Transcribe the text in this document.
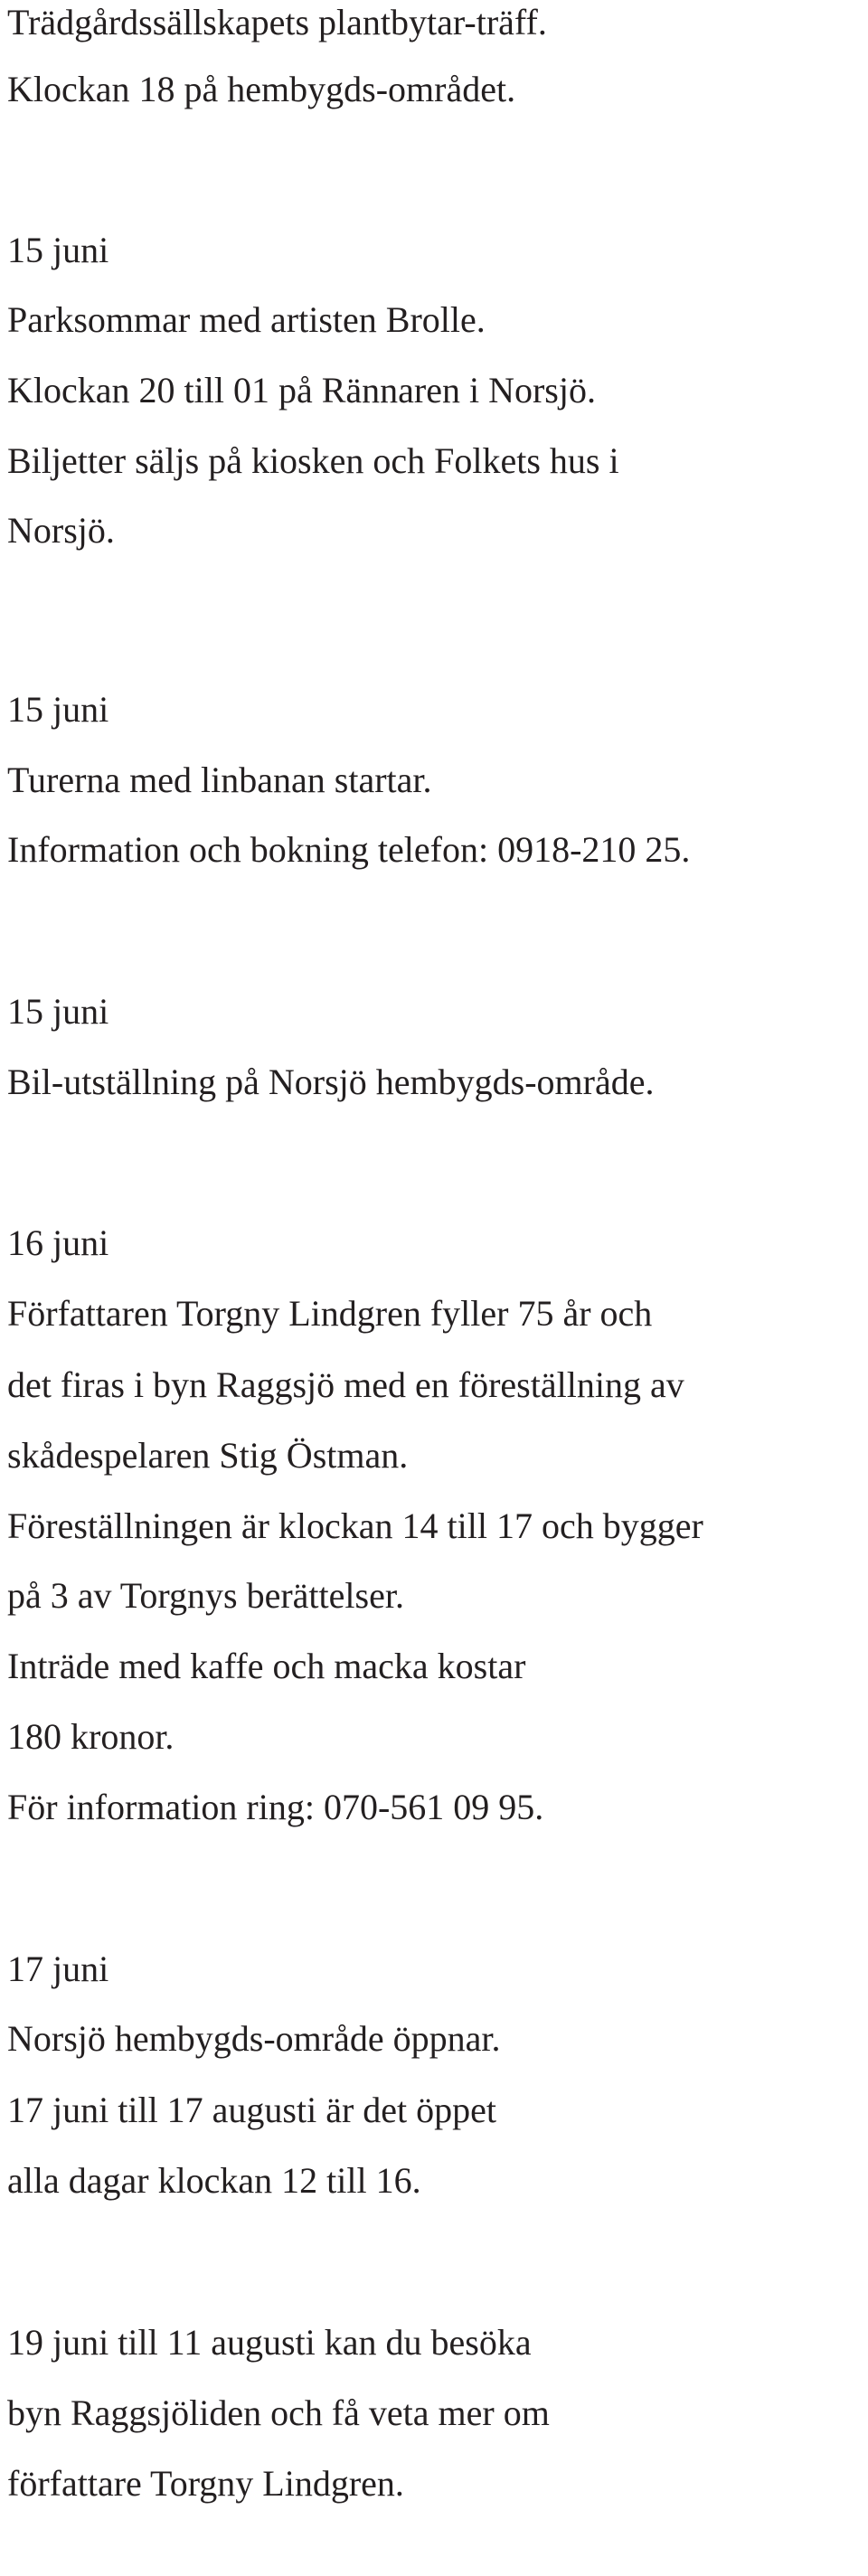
Trädgårdssällskapets plantbytar-träff.

Klockan 18 på hembygds-området.

15 juni

Parksommar med artisten Brolle.

Klockan 20 till 01 på Rännaren i Norsjö.

Biljetter säljs på kiosken och Folkets hus i

Norsjö.

15 juni

Turerna med linbanan startar.

Information och bokning telefon: 0918-210 25.

15 juni

Bil-utställning på Norsjö hembygds-område.

16 juni

Författaren Torgny Lindgren fyller 75 år och

det firas i byn Raggsjö med en föreställning av

skådespelaren Stig Östman.

Föreställningen är klockan 14 till 17 och bygger

på 3 av Torgnys berättelser.

Inträde med kaffe och macka kostar

180 kronor.

För information ring: 070-561 09 95.

17 juni

Norsjö hembygds-område öppnar.

17 juni till 17 augusti är det öppet

alla dagar klockan 12 till 16.

19 juni till 11 augusti kan du besöka

byn Raggsjöliden och få veta mer om

författare Torgny Lindgren.
